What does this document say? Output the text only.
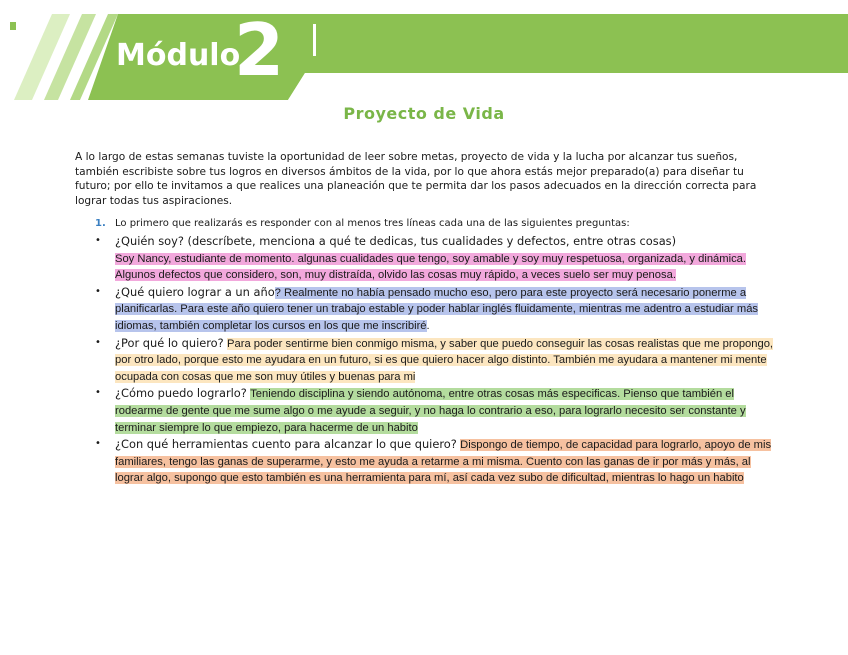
Módulo
2
Proyecto de Vida
A lo largo de estas semanas tuviste la oportunidad de leer sobre metas, proyecto de vida y la lucha por alcanzar tus sueños, también escribiste sobre tus logros en diversos ámbitos de la vida, por lo que ahora estás mejor preparado(a) para diseñar tu futuro; por ello te invitamos a que realices una planeación que te permita dar los pasos adecuados en la dirección correcta para lograr todas tus aspiraciones.
1. Lo primero que realizarás es responder con al menos tres líneas cada una de las siguientes preguntas:
• ¿Quién soy? (descríbete, menciona a qué te dedicas, tus cualidades y defectos, entre otras cosas)
Soy Nancy, estudiante de momento. algunas cualidades que tengo, soy amable y soy muy respetuosa, organizada, y dinámica. Algunos defectos que considero, son, muy distraída, olvido las cosas muy rápido, a veces suelo ser muy penosa.
• ¿Qué quiero lograr a un año? Realmente no había pensado mucho eso, pero para este proyecto será necesario ponerme a planificarlas. Para este año quiero tener un trabajo estable y poder hablar inglés fluidamente, mientras me adentro a estudiar más idiomas, también completar los cursos en los que me inscribiré.
• ¿Por qué lo quiero? Para poder sentirme bien conmigo misma, y saber que puedo conseguir las cosas realistas que me propongo, por otro lado, porque esto me ayudara en un futuro, si es que quiero hacer algo distinto. También me ayudara a mantener mi mente ocupada con cosas que me son muy útiles y buenas para mi
• ¿Cómo puedo lograrlo? Teniendo disciplina y siendo autónoma, entre otras cosas más especificas. Pienso que también el rodearme de gente que me sume algo o me ayude a seguir, y no haga lo contrario a eso, para lograrlo necesito ser constante y terminar siempre lo que empiezo, para hacerme de un habito
• ¿Con qué herramientas cuento para alcanzar lo que quiero? Dispongo de tiempo, de capacidad para lograrlo, apoyo de mis familiares, tengo las ganas de superarme, y esto me ayuda a retarme a mi misma. Cuento con las ganas de ir por más y más, al lograr algo, supongo que esto también es una herramienta para mí, así cada vez subo de dificultad, mientras lo hago un habito
